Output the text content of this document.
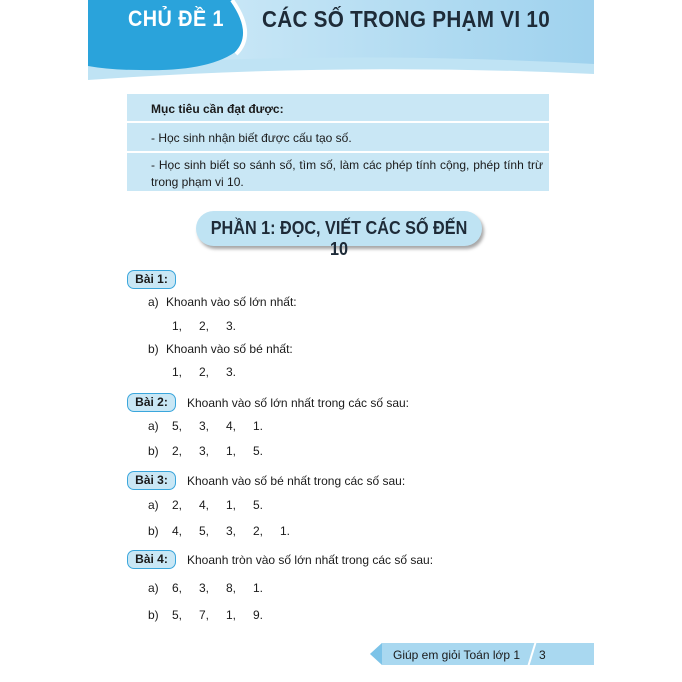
CHỦ ĐỀ 1 CÁC SỐ TRONG PHẠM VI 10
Mục tiêu cần đạt được:
- Học sinh nhận biết được cấu tạo số.
- Học sinh biết so sánh số, tìm số, làm các phép tính cộng, phép tính trừ trong phạm vi 10.
PHẦN 1: ĐỌC, VIẾT CÁC SỐ ĐẾN 10
Bài 1:
a) Khoanh vào số lớn nhất:
1, 2, 3.
b) Khoanh vào số bé nhất:
1, 2, 3.
Bài 2:	Khoanh vào số lớn nhất trong các số sau:
a) 5, 3, 4, 1.
b) 2, 3, 1, 5.
Bài 3:	Khoanh vào số bé nhất trong các số sau:
a) 2, 4, 1, 5.
b) 4, 5, 3, 2, 1.
Bài 4:	Khoanh tròn vào số lớn nhất trong các số sau:
a) 6, 3, 8, 1.
b) 5, 7, 1, 9.
Giúp em giỏi Toán lớp 1 3
